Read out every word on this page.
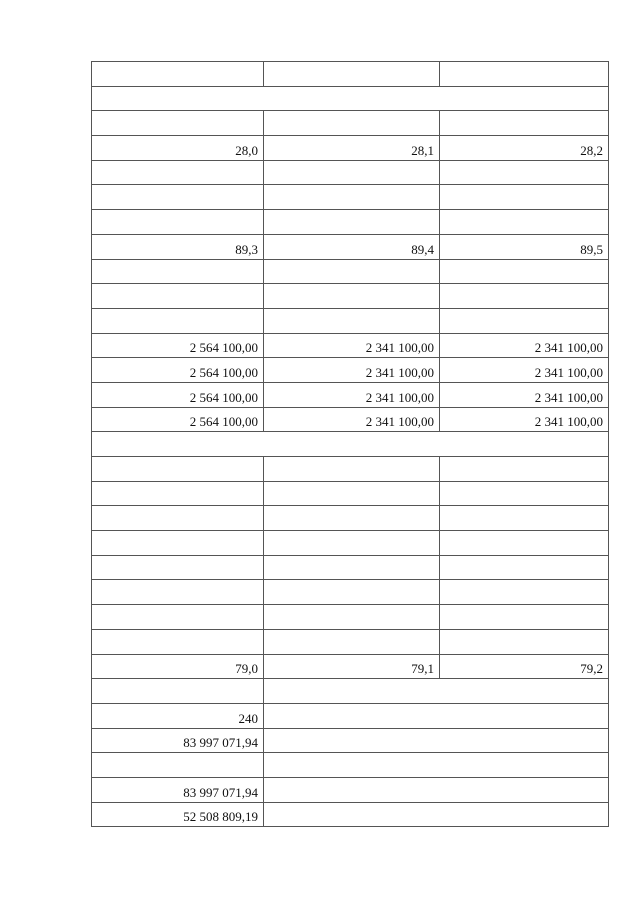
28,0	28,1	28,2

89,3	89,4	89,5

2 564 100,00	2 341 100,00	2 341 100,00
2 564 100,00	2 341 100,00	2 341 100,00
2 564 100,00	2 341 100,00	2 341 100,00
2 564 100,00	2 341 100,00	2 341 100,00

79,0	79,1	79,2

240		
83 997 071,94		

83 997 071,94		
52 508 809,19		
